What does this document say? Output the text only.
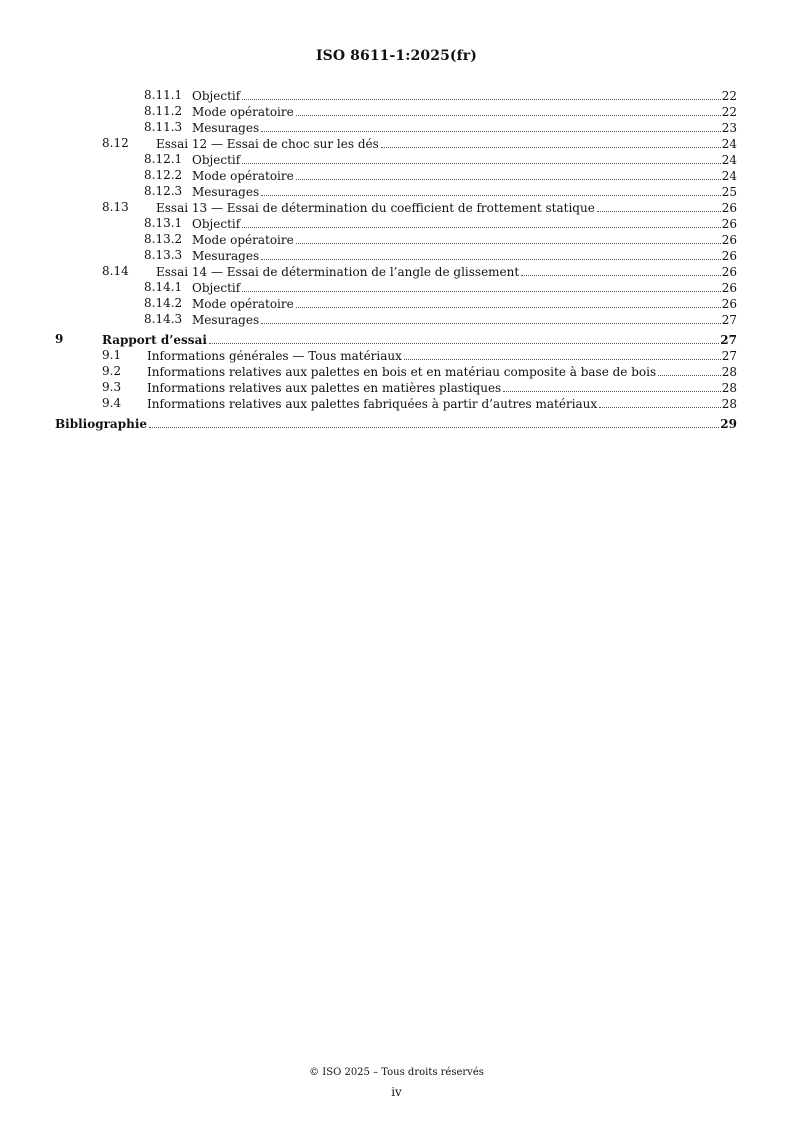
ISO 8611-1:2025(fr)
8.11.1 Objectif	22
8.11.2 Mode opératoire	22
8.11.3 Mesurages	23
8.12 Essai 12 — Essai de choc sur les dés	24
8.12.1 Objectif	24
8.12.2 Mode opératoire	24
8.12.3 Mesurages	25
8.13 Essai 13 — Essai de détermination du coefficient de frottement statique	26
8.13.1 Objectif	26
8.13.2 Mode opératoire	26
8.13.3 Mesurages	26
8.14 Essai 14 — Essai de détermination de l’angle de glissement	26
8.14.1 Objectif	26
8.14.2 Mode opératoire	26
8.14.3 Mesurages	27
9	Rapport d’essai	27
9.1 Informations générales — Tous matériaux	27
9.2 Informations relatives aux palettes en bois et en matériau composite à base de bois	28
9.3 Informations relatives aux palettes en matières plastiques	28
9.4 Informations relatives aux palettes fabriquées à partir d’autres matériaux	28
Bibliographie	29
© ISO 2025 – Tous droits réservés
iv
